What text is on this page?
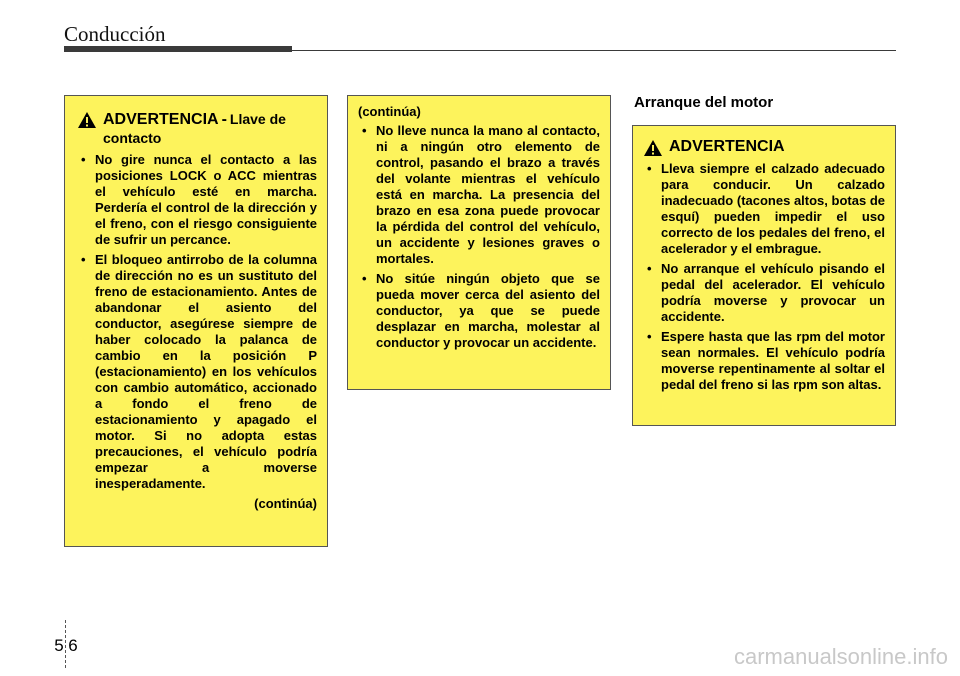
Conducción
ADVERTENCIA - Llave de contacto
• No gire nunca el contacto a las posiciones LOCK o ACC mientras el vehículo esté en marcha. Perdería el control de la dirección y el freno, con el riesgo consiguiente de sufrir un percance.
• El bloqueo antirrobo de la columna de dirección no es un sustituto del freno de estacionamiento. Antes de abandonar el asiento del conductor, asegúrese siempre de haber colocado la palanca de cambio en la posición P (estacionamiento) en los vehículos con cambio automático, accionado a fondo el freno de estacionamiento y apagado el motor. Si no adopta estas precauciones, el vehículo podría empezar a moverse inesperadamente.
(continúa)
(continúa)
• No lleve nunca la mano al contacto, ni a ningún otro elemento de control, pasando el brazo a través del volante mientras el vehículo está en marcha. La presencia del brazo en esa zona puede provocar la pérdida del control del vehículo, un accidente y lesiones graves o mortales.
• No sitúe ningún objeto que se pueda mover cerca del asiento del conductor, ya que se puede desplazar en marcha, molestar al conductor y provocar un accidente.
Arranque del motor
ADVERTENCIA
• Lleva siempre el calzado adecuado para conducir. Un calzado inadecuado (tacones altos, botas de esquí) pueden impedir el uso correcto de los pedales del freno, el acelerador y el embrague.
• No arranque el vehículo pisando el pedal del acelerador. El vehículo podría moverse y provocar un accidente.
• Espere hasta que las rpm del motor sean normales. El vehículo podría moverse repentinamente al soltar el pedal del freno si las rpm son altas.
5 6	carmanualsonline.info
